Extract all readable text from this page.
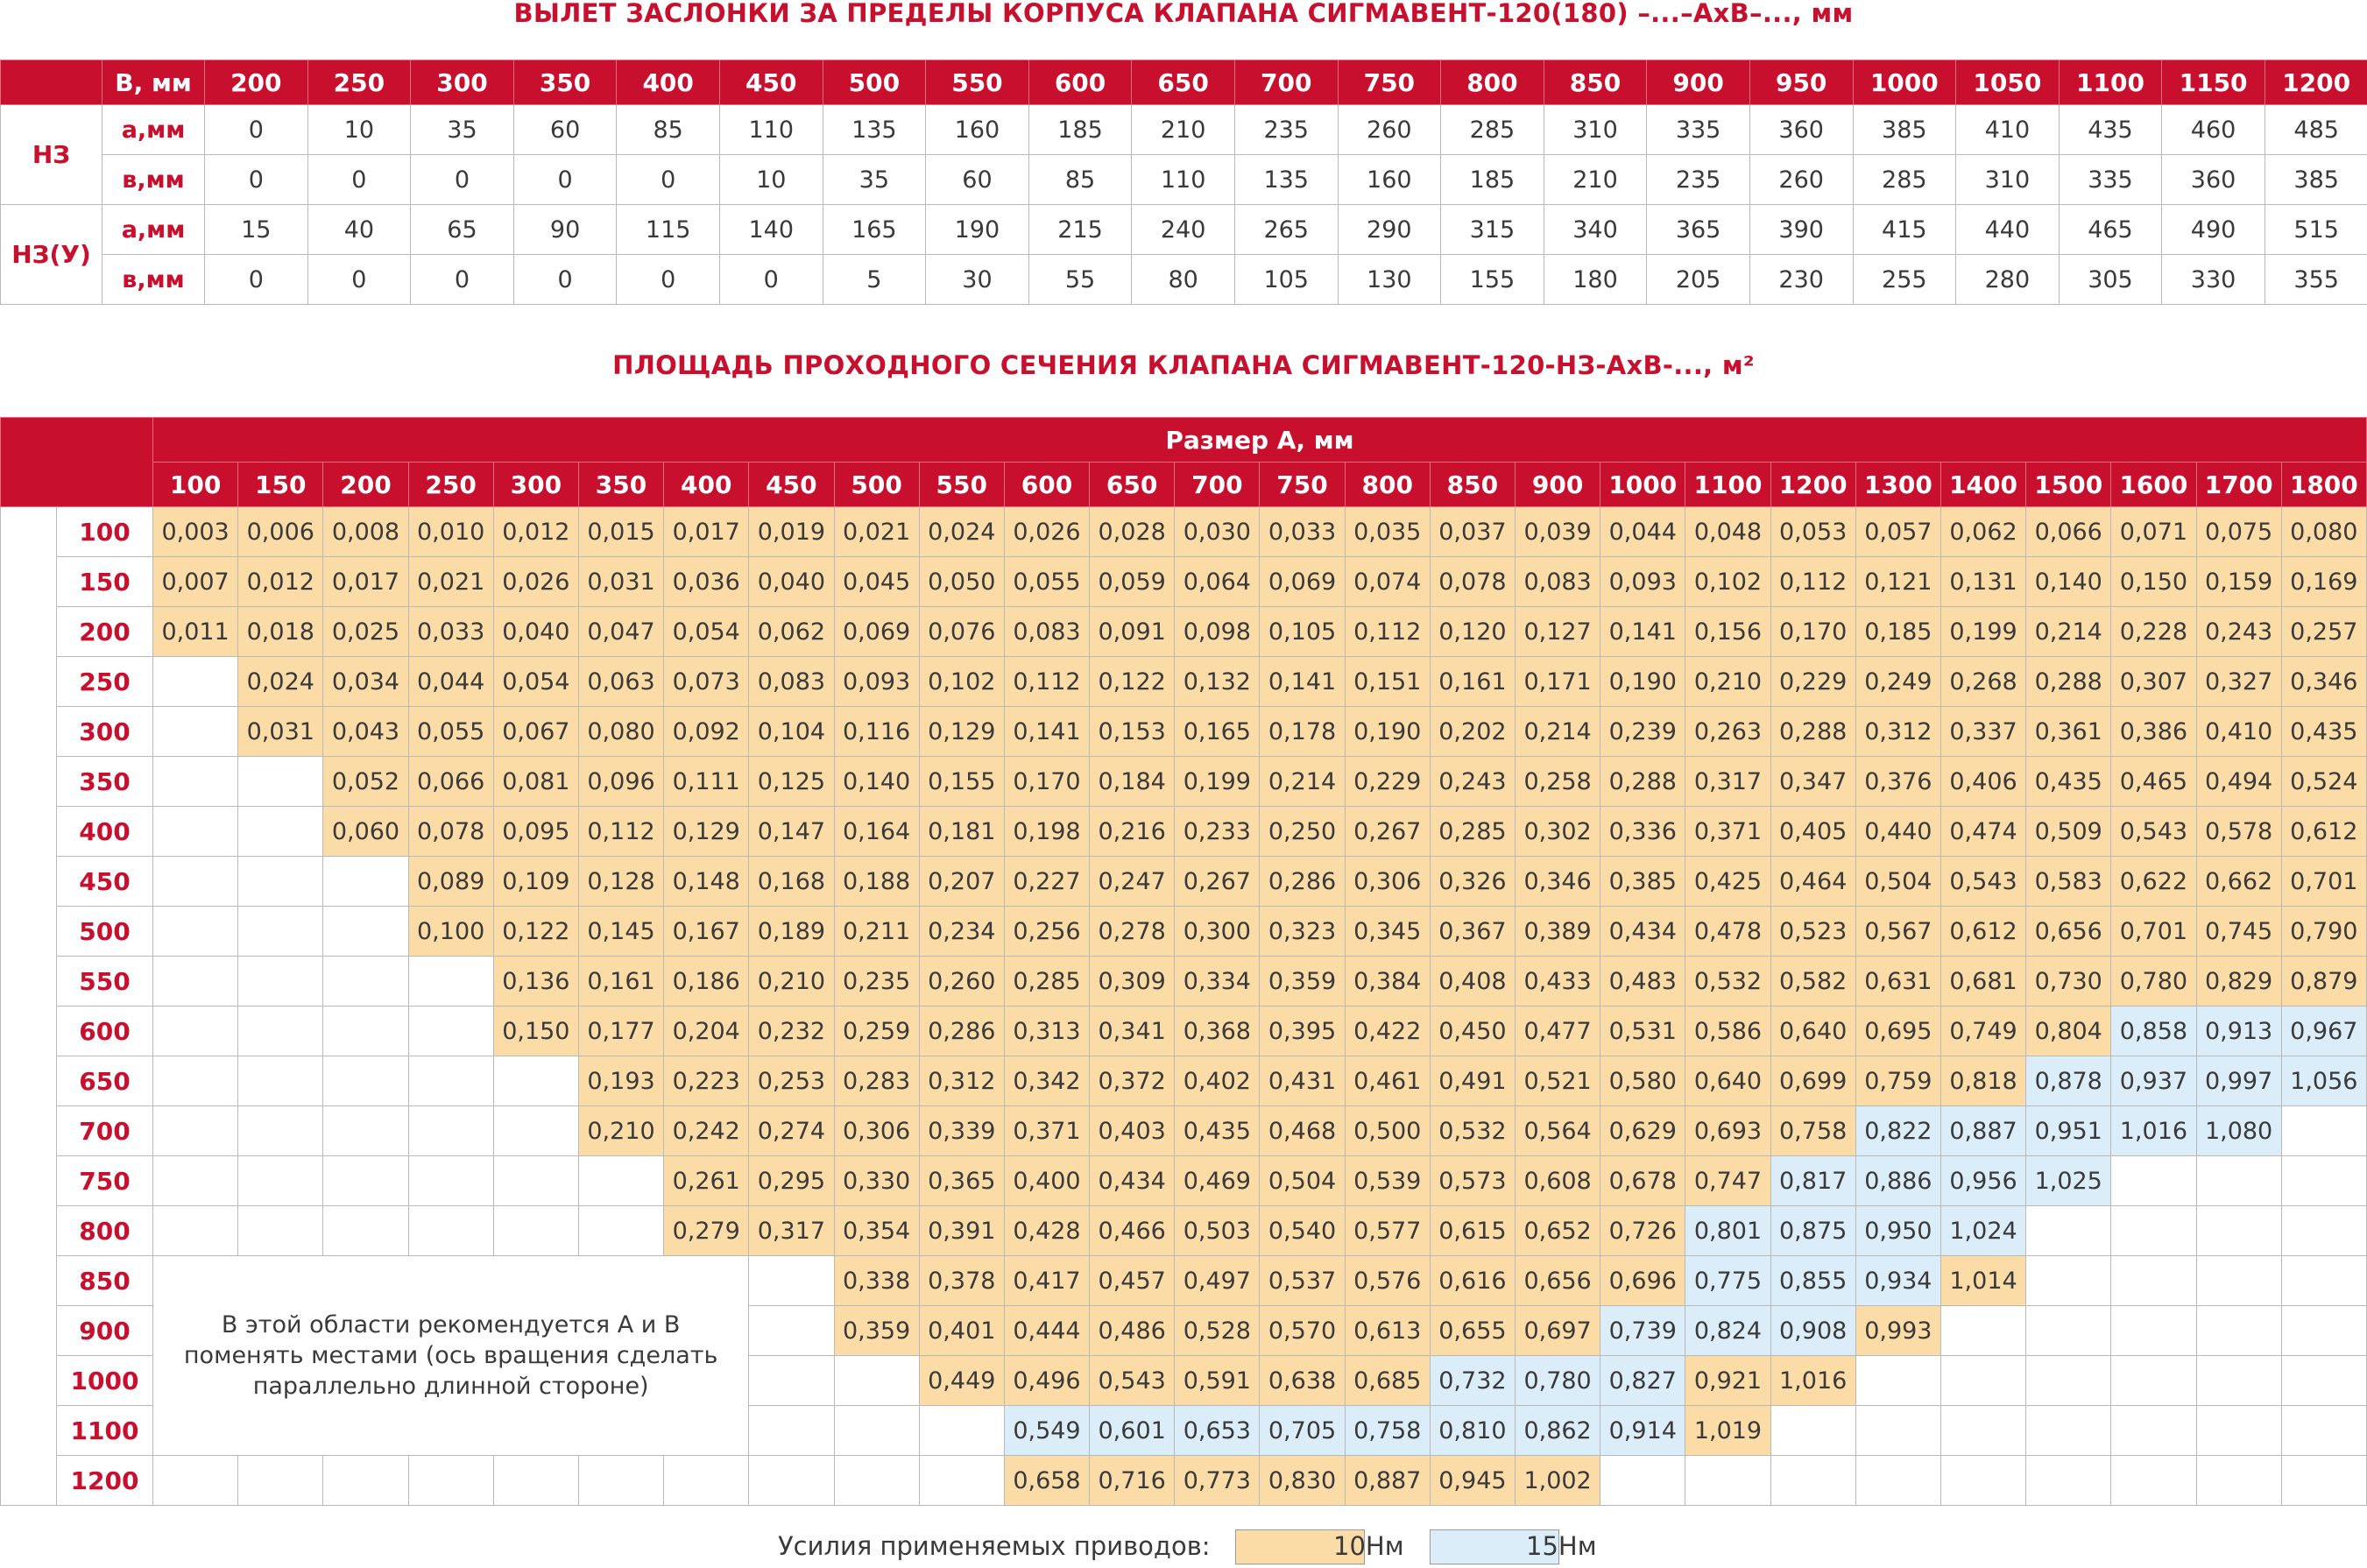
ВЫЛЕТ ЗАСЛОНКИ ЗА ПРЕДЕЛЫ КОРПУСА КЛАПАНА СИГМАВЕНТ-120(180) –...–АхВ–..., мм
	В, мм	200	250	300	350	400	450	500	550	600	650	700	750	800	850	900	950	1000	1050	1100	1150	1200
НЗ	а,мм	0	10	35	60	85	110	135	160	185	210	235	260	285	310	335	360	385	410	435	460	485
	в,мм	0	0	0	0	0	10	35	60	85	110	135	160	185	210	235	260	285	310	335	360	385
НЗ(У)	а,мм	15	40	65	90	115	140	165	190	215	240	265	290	315	340	365	390	415	440	465	490	515
	в,мм	0	0	0	0	0	0	5	30	55	80	105	130	155	180	205	230	255	280	305	330	355
ПЛОЩАДЬ ПРОХОДНОГО СЕЧЕНИЯ КЛАПАНА СИГМАВЕНТ-120-НЗ-АхВ-..., м²
		Размер А, мм																										
		100	150	200	250	300	350	400	450	500	550	600	650	700	750	800	850	900	1000	1100	1200	1300	1400	1500	1600	1700	1800	
	100	0,003	0,006	0,008	0,010	0,012	0,015	0,017	0,019	0,021	0,024	0,026	0,028	0,030	0,033	0,035	0,037	0,039	0,044	0,048	0,053	0,057	0,062	0,066	0,071	0,075	0,080	
	150	0,007	0,012	0,017	0,021	0,026	0,031	0,036	0,040	0,045	0,050	0,055	0,059	0,064	0,069	0,074	0,078	0,083	0,093	0,102	0,112	0,121	0,131	0,140	0,150	0,159	0,169	
	200	0,011	0,018	0,025	0,033	0,040	0,047	0,054	0,062	0,069	0,076	0,083	0,091	0,098	0,105	0,112	0,120	0,127	0,141	0,156	0,170	0,185	0,199	0,214	0,228	0,243	0,257	
	250		0,024	0,034	0,044	0,054	0,063	0,073	0,083	0,093	0,102	0,112	0,122	0,132	0,141	0,151	0,161	0,171	0,190	0,210	0,229	0,249	0,268	0,288	0,307	0,327	0,346	
	300		0,031	0,043	0,055	0,067	0,080	0,092	0,104	0,116	0,129	0,141	0,153	0,165	0,178	0,190	0,202	0,214	0,239	0,263	0,288	0,312	0,337	0,361	0,386	0,410	0,435	
	350			0,052	0,066	0,081	0,096	0,111	0,125	0,140	0,155	0,170	0,184	0,199	0,214	0,229	0,243	0,258	0,288	0,317	0,347	0,376	0,406	0,435	0,465	0,494	0,524	
	400			0,060	0,078	0,095	0,112	0,129	0,147	0,164	0,181	0,198	0,216	0,233	0,250	0,267	0,285	0,302	0,336	0,371	0,405	0,440	0,474	0,509	0,543	0,578	0,612	
	450				0,089	0,109	0,128	0,148	0,168	0,188	0,207	0,227	0,247	0,267	0,286	0,306	0,326	0,346	0,385	0,425	0,464	0,504	0,543	0,583	0,622	0,662	0,701	
	500				0,100	0,122	0,145	0,167	0,189	0,211	0,234	0,256	0,278	0,300	0,323	0,345	0,367	0,389	0,434	0,478	0,523	0,567	0,612	0,656	0,701	0,745	0,790	
	550					0,136	0,161	0,186	0,210	0,235	0,260	0,285	0,309	0,334	0,359	0,384	0,408	0,433	0,483	0,532	0,582	0,631	0,681	0,730	0,780	0,829	0,879	
	600					0,150	0,177	0,204	0,232	0,259	0,286	0,313	0,341	0,368	0,395	0,422	0,450	0,477	0,531	0,586	0,640	0,695	0,749	0,804	0,858	0,913	0,967	
	650						0,193	0,223	0,253	0,283	0,312	0,342	0,372	0,402	0,431	0,461	0,491	0,521	0,580	0,640	0,699	0,759	0,818	0,878	0,937	0,997	1,056	
	700						0,210	0,242	0,274	0,306	0,339	0,371	0,403	0,435	0,468	0,500	0,532	0,564	0,629	0,693	0,758	0,822	0,887	0,951	1,016	1,080		
	750							0,261	0,295	0,330	0,365	0,400	0,434	0,469	0,504	0,539	0,573	0,608	0,678	0,747	0,817	0,886	0,956	1,025				
	800							0,279	0,317	0,354	0,391	0,428	0,466	0,503	0,540	0,577	0,615	0,652	0,726	0,801	0,875	0,950	1,024					
	850	В этой области рекомендуется А и В поменять местами (ось вращения сделать параллельно длинной стороне)								0,338	0,378	0,417	0,457	0,497	0,537	0,576	0,616	0,656	0,696	0,775	0,855	0,934	1,014					
	900									0,359	0,401	0,444	0,486	0,528	0,570	0,613	0,655	0,697	0,739	0,824	0,908	0,993						
	1000										0,449	0,496	0,543	0,591	0,638	0,685	0,732	0,780	0,827	0,921	1,016							
	1100											0,549	0,601	0,653	0,705	0,758	0,810	0,862	0,914	1,019								
	1200											0,658	0,716	0,773	0,830	0,887	0,945	1,002										
Усилия применяемых приводов:	10Нм	15Нм
